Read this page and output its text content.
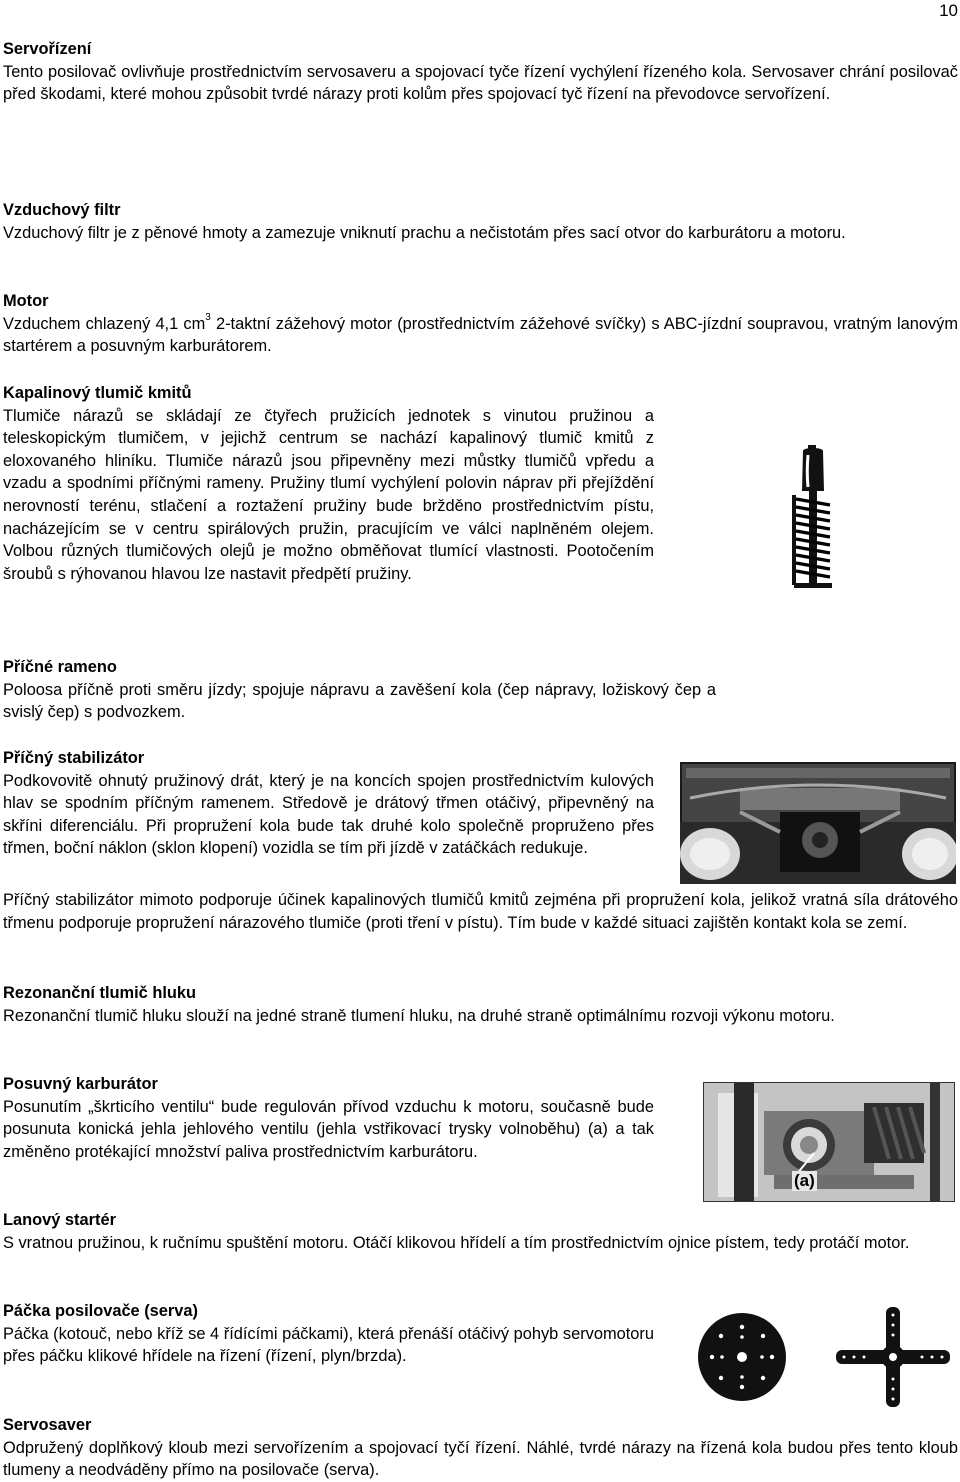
10
Servořízení
Tento posilovač ovlivňuje prostřednictvím servosaveru a spojovací tyče řízení vychýlení řízeného kola. Servosaver chrání posilovač před škodami, které mohou způsobit tvrdé nárazy proti kolům přes spojovací tyč řízení na převodovce servořízení.
Vzduchový filtr
Vzduchový filtr je z pěnové hmoty a zamezuje vniknutí prachu a nečistotám přes sací otvor do karburátoru a motoru.
Motor
Vzduchem chlazený 4,1 $cm^3$ 2-taktní zážehový motor (prostřednictvím zážehové svíčky) s ABC-jízdní soupravou, vratným lanovým startérem a posuvným karburátorem.
Kapalinový tlumič kmitů
Tlumiče nárazů se skládají ze čtyřech pružicích jednotek s vinutou pružinou a teleskopickým tlumičem, v jejichž centrum se nachází kapalinový tlumič kmitů z eloxovaného hliníku. Tlumiče nárazů jsou připevněny mezi můstky tlumičů vpředu a vzadu a spodními příčnými rameny. Pružiny tlumí vychýlení polovin náprav při přejíždění nerovností terénu, stlačení a roztažení pružiny bude bržděno prostřednictvím pístu, nacházejícím se v centru spirálových pružin, pracujícím ve válci naplněném olejem. Volbou různých tlumičových olejů je možno obměňovat tlumící vlastnosti. Pootočením šroubů s rýhovanou hlavou lze nastavit předpětí pružiny.
Příčné rameno
Poloosa příčně proti směru jízdy; spojuje nápravu a zavěšení kola (čep nápravy, ložiskový čep a svislý čep) s podvozkem.
Příčný stabilizátor
Podkovovitě ohnutý pružinový drát, který je na koncích spojen prostřednictvím kulových hlav se spodním příčným ramenem. Středově je drátový třmen otáčivý, připevněný na skříni diferenciálu. Při propružení kola bude tak druhé kolo společně propruženo přes třmen, boční náklon (sklon klopení) vozidla se tím při jízdě v zatáčkách redukuje.
Příčný stabilizátor mimoto podporuje účinek kapalinových tlumičů kmitů zejména při propružení kola, jelikož vratná síla drátového třmenu podporuje propružení nárazového tlumiče (proti tření v pístu). Tím bude v každé situaci zajištěn kontakt kola se zemí.
Rezonanční tlumič hluku
Rezonanční tlumič hluku slouží na jedné straně tlumení hluku, na druhé straně optimálnímu rozvoji výkonu motoru.
Posuvný karburátor
Posunutím „škrticího ventilu“ bude regulován přívod vzduchu k motoru, současně bude posunuta konická jehla jehlového ventilu (jehla vstřikovací trysky volnoběhu) (a) a tak změněno protékající množství paliva prostřednictvím karburátoru.
(a)
Lanový startér
S vratnou pružinou, k ručnímu spuštění motoru. Otáčí klikovou hřídelí a tím prostřednictvím ojnice pístem, tedy protáčí motor.
Páčka posilovače (serva)
Páčka (kotouč, nebo kříž se 4 řídícími páčkami), která přenáší otáčivý pohyb servomotoru přes páčku klikové hřídele na řízení (řízení, plyn/brzda).
Servosaver
Odpružený doplňkový kloub mezi servořízením a spojovací tyčí řízení. Náhlé, tvrdé nárazy na řízená kola budou přes tento kloub tlumeny a neodváděny přímo na posilovače (serva).
